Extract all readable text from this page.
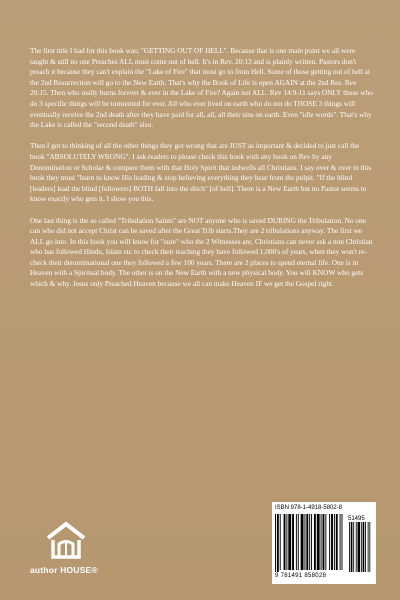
The first title I had for this book was; "GETTING OUT OF HELL". Because that is one main point we all were taught & still no one Preaches ALL must come out of hell. It's in Rev. 20:13 and is plainly written. Pastors don't preach it because they can't explain the "Lake of Fire" that most go to from Hell. Some of those getting out of hell at the 2nd Resurrection will go to the New Earth. That's why the Book of Life is open AGAIN at the 2nd Res. Rev 20:15. Then who really burns forever & ever in the Lake of Fire? Again not ALL. Rev 14:9-11 says ONLY those who do 3 specific things will be tormented for ever. All who ever lived on earth who do not do THOSE 3 things will eventually receive the 2nd death after they have paid for all, all, all their sins on earth. Even "idle words". That's why the Lake is called the "second death" also.

Then I got to thinking of all the other things they got wrong that are JUST as important & decided to just call the book "ABSOLUTELY WRONG". I ask readers to please check this book with any book on Rev by any Denomination or Scholar & compare them with that Holy Spirit that indwells all Christians. I say over & over in this book they must "learn to know His leading & stop believing everything they hear from the pulpit. "If the blind [leaders] lead the blind [followers] BOTH fall into the ditch" [of hell]. There is a New Earth but no Pastor seems to know exactly who gets it. I show you this.

One last thing is the so called "Tribulation Saints" are NOT anyone who is saved DURING the Tribulation. No one can who did not accept Christ can be saved after the Great Trib starts.They are 2 tribulations anyway. The first we ALL go into. In this book you will know for "sure" who the 2 Witnesses are. Christians can never ask a non Christian who has followed Hindu, Islam etc to check their teaching they have followed 1,000's of years, when they won't re-check their denominational one they followed a few 100 years. There are 2 places to spend eternal life. One is in Heaven with a Spiritual body. The other is on the New Earth with a new physical body. You will KNOW who gets which & why. Jesus only Preached Heaven because we all can make Heaven IF we get the Gospel right.

author HOUSE®
ISBN 978-1-4918-5802-8
51495
9 781491 858028
